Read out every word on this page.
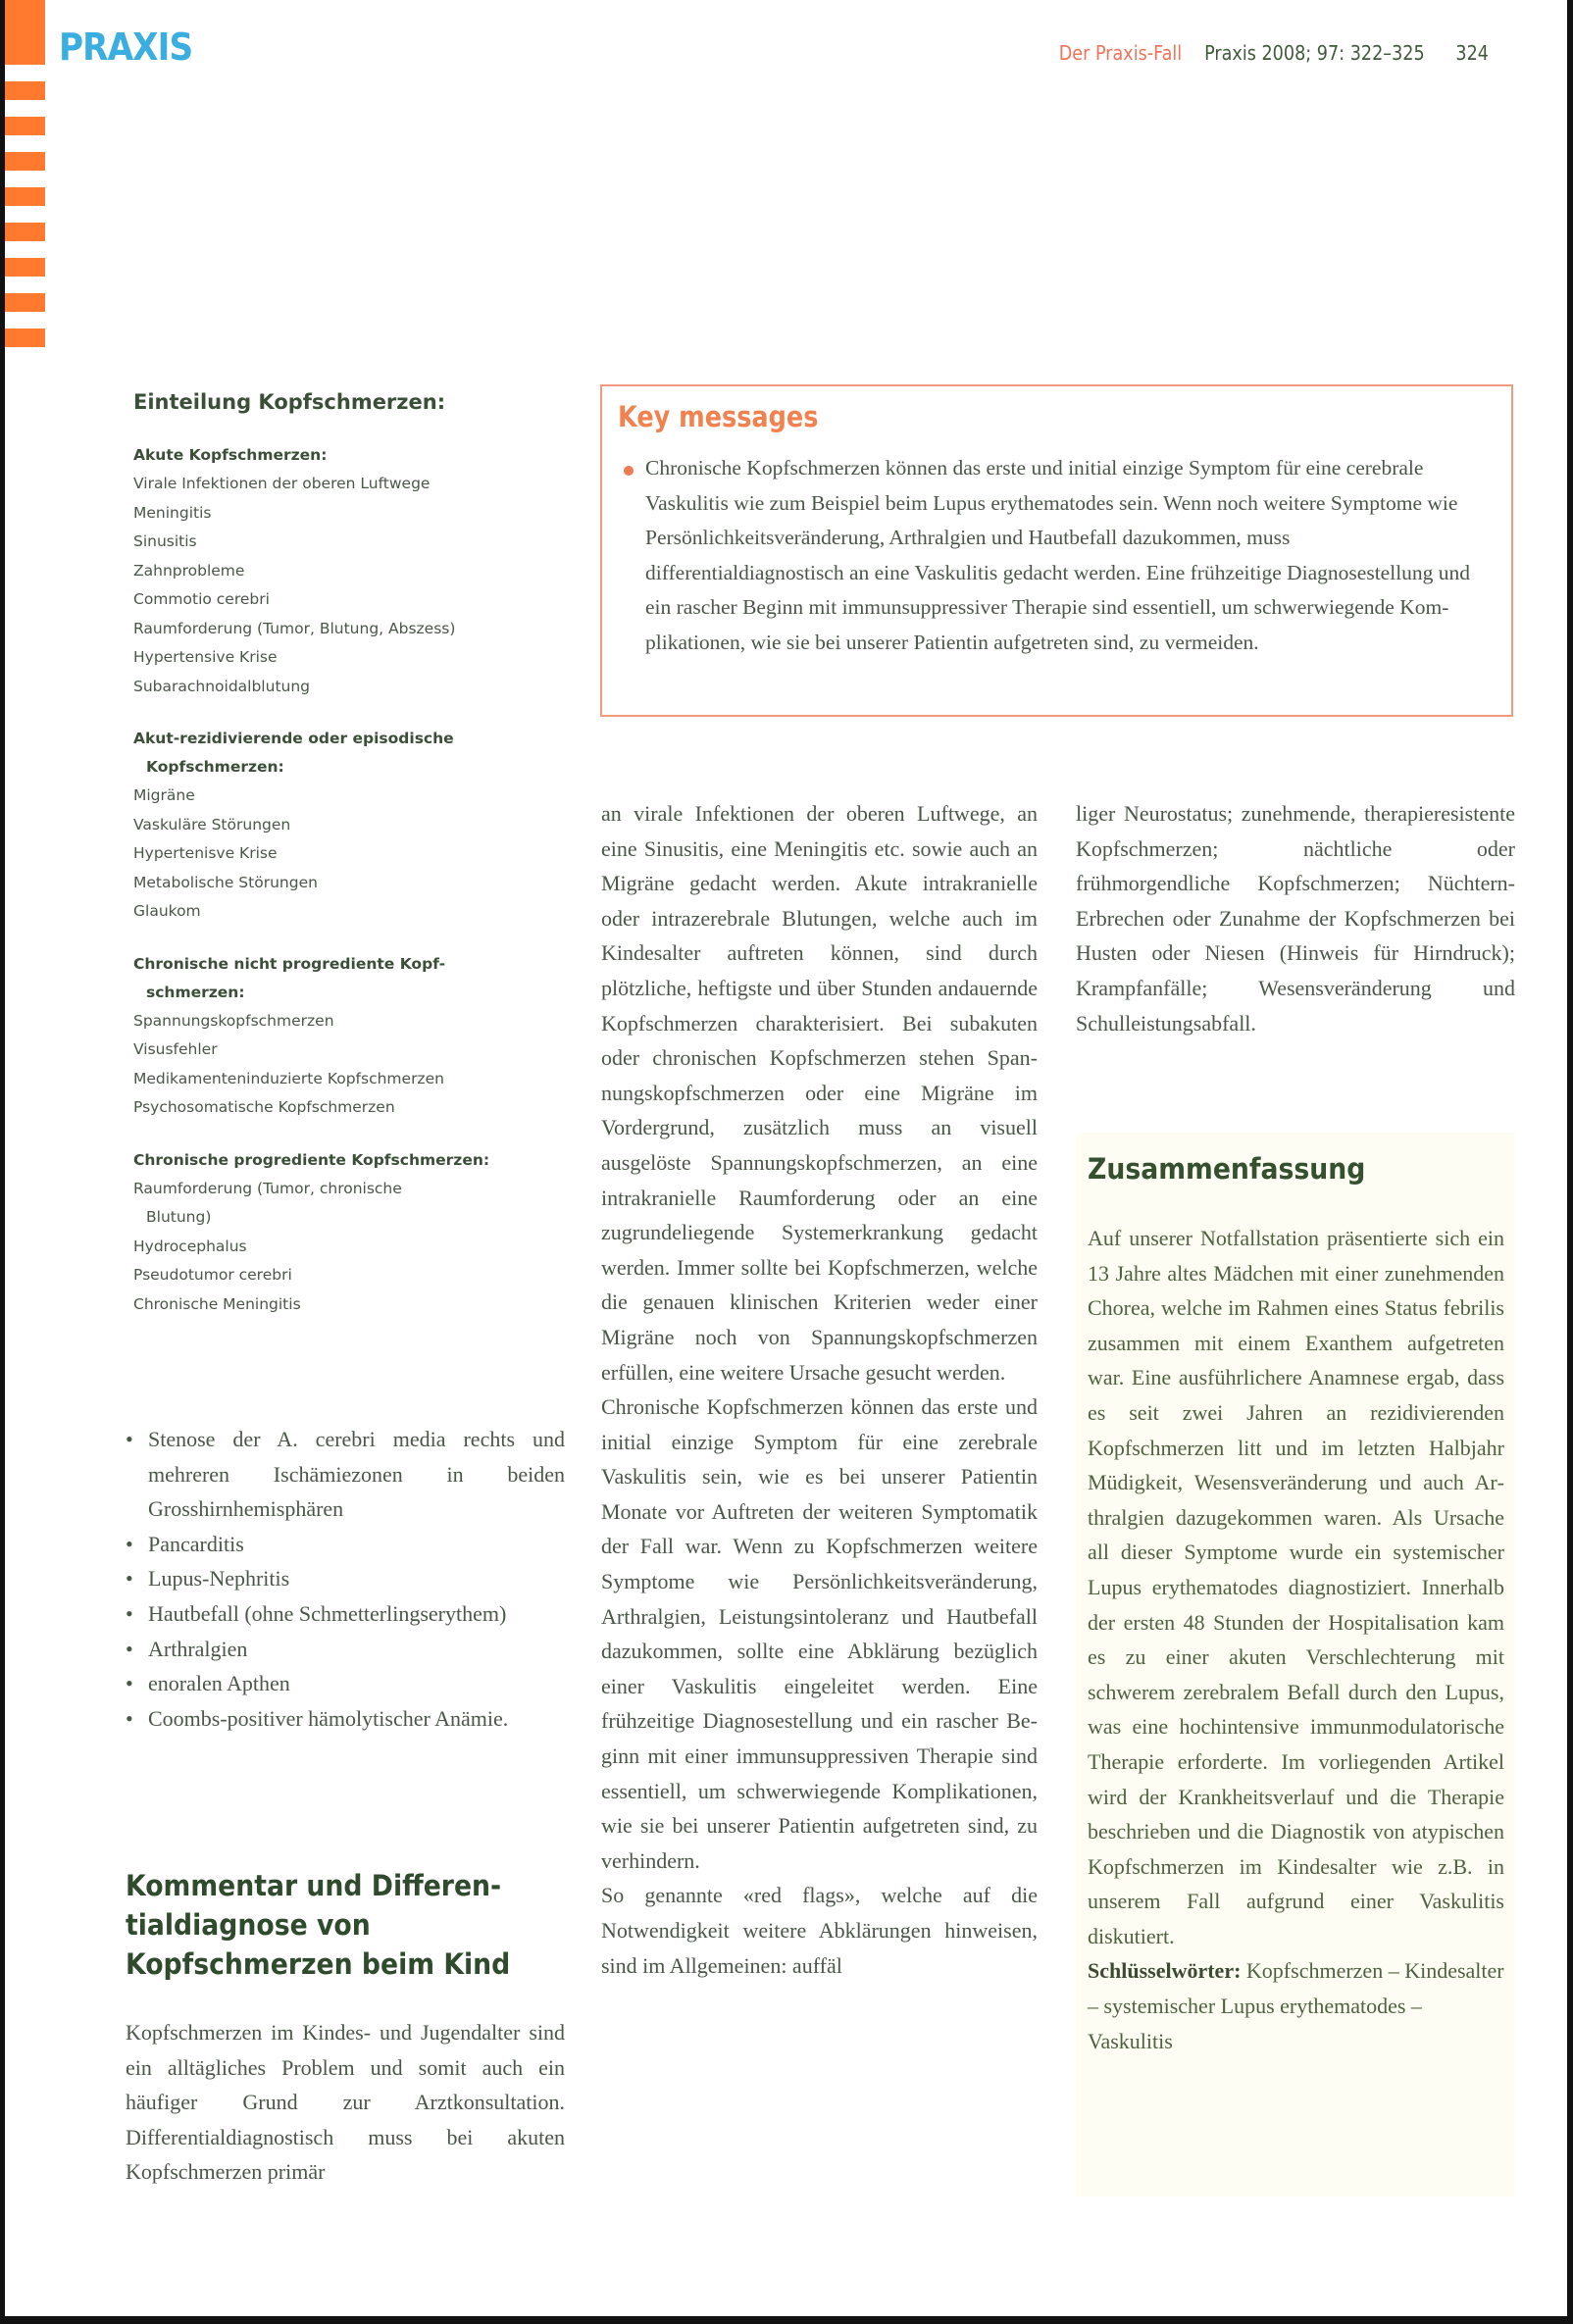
PRAXIS	Der Praxis-Fall Praxis 2008; 97: 322–325 324
Einteilung Kopfschmerzen:
Akute Kopfschmerzen:
Virale Infektionen der oberen Luftwege
Meningitis
Sinusitis
Zahnprobleme
Commotio cerebri
Raumforderung (Tumor, Blutung, Abszess)
Hypertensive Krise
Subarachnoidalblutung
Akut-rezidivierende oder episodische
Kopfschmerzen:
Migräne
Vaskuläre Störungen
Hypertenisve Krise
Metabolische Störungen
Glaukom
Chronische nicht progrediente Kopf-
schmerzen:
Spannungskopfschmerzen
Visusfehler
Medikamenteninduzierte Kopfschmerzen
Psychosomatische Kopfschmerzen
Chronische progrediente Kopfschmerzen:
Raumforderung (Tumor, chronische
Blutung)
Hydrocephalus
Pseudotumor cerebri
Chronische Meningitis
Key messages
Chronische Kopfschmerzen können das erste und initial einzige Symptom für eine cerebrale Vaskulitis wie zum Beispiel beim Lupus erythematodes sein. Wenn noch weitere Symptome wie Persönlichkeitsveränderung, Arthralgien und Hautbefall dazukommen, muss differentialdiagnostisch an eine Vaskulitis gedacht werden. Eine frühzeitige Diagnosestellung und ein rascher Beginn mit immunsuppressiver Therapie sind essentiell, um schwerwiegende Komplikationen, wie sie bei unserer Patientin aufgetreten sind, zu vermeiden.
• Stenose der A. cerebri media rechts und mehreren Ischämiezonen in beiden Grosshirnhemisphären
• Pancarditis
• Lupus-Nephritis
• Hautbefall (ohne Schmetterlingserythem)
• Arthralgien
• enoralen Apthen
• Coombs-positiver hämolytischer Anämie.
Kommentar und Differentialdiagnose von Kopfschmerzen beim Kind
Kopfschmerzen im Kindes- und Jugendalter sind ein alltägliches Problem und somit auch ein häufiger Grund zur Arztkonsultation. Differentialdiagnostisch muss bei akuten Kopfschmerzen primär
an virale Infektionen der oberen Luftwege, an eine Sinusitis, eine Meningitis etc. sowie auch an Migräne gedacht werden. Akute intrakranielle oder intrazerebrale Blutungen, welche auch im Kindesalter auftreten können, sind durch plötzliche, heftigste und über Stunden andauernde Kopfschmerzen charakterisiert. Bei subakuten oder chronischen Kopfschmerzen stehen Spannungskopfschmerzen oder eine Migräne im Vordergrund, zusätzlich muss an visuell ausgelöste Spannungskopfschmerzen, an eine intrakranielle Raumforderung oder an eine zugrundeliegende Systemerkrankung gedacht werden. Immer sollte bei Kopfschmerzen, welche die genauen klinischen Kriterien weder einer Migräne noch von Spannungskopfschmerzen erfüllen, eine weitere Ursache gesucht werden.
Chronische Kopfschmerzen können das erste und initial einzige Symptom für eine zerebrale Vaskulitis sein, wie es bei unserer Patientin Monate vor Auftreten der weiteren Symptomatik der Fall war. Wenn zu Kopfschmerzen weitere Symptome wie Persönlichkeitsveränderung, Arthralgien, Leistungsintoleranz und Hautbefall dazukommen, sollte eine Abklärung bezüglich einer Vaskulitis eingeleitet werden. Eine frühzeitige Diagnosestellung und ein rascher Beginn mit einer immunsuppressiven Therapie sind essentiell, um schwerwiegende Komplikationen, wie sie bei unserer Patientin aufgetreten sind, zu verhindern.
So genannte «red flags», welche auf die Notwendigkeit weitere Abklärungen hinweisen, sind im Allgemeinen: auffäl
liger Neurostatus; zunehmende, therapieresistente Kopfschmerzen; nächtliche oder frühmorgendliche Kopfschmerzen; Nüchtern-Erbrechen oder Zunahme der Kopfschmerzen bei Husten oder Niesen (Hinweis für Hirndruck); Krampfanfälle; Wesensveränderung und Schulleistungsabfall.
Zusammenfassung
Auf unserer Notfallstation präsentierte sich ein 13 Jahre altes Mädchen mit einer zunehmenden Chorea, welche im Rahmen eines Status febrilis zusammen mit einem Exanthem aufgetreten war. Eine ausführlichere Anamnese ergab, dass es seit zwei Jahren an rezidivierenden Kopfschmerzen litt und im letzten Halbjahr Müdigkeit, Wesensveränderung und auch Arthralgien dazugekommen waren. Als Ursache all dieser Symptome wurde ein systemischer Lupus erythematodes diagnostiziert. Innerhalb der ersten 48 Stunden der Hospitalisation kam es zu einer akuten Verschlechterung mit schwerem zerebralem Befall durch den Lupus, was eine hochintensive immunmodulatorische Therapie erforderte. Im vorliegenden Artikel wird der Krankheitsverlauf und die Therapie beschrieben und die Diagnostik von atypischen Kopfschmerzen im Kindesalter wie z.B. in unserem Fall aufgrund einer Vaskulitis diskutiert.
Schlüsselwörter: Kopfschmerzen – Kindesalter – systemischer Lupus erythematodes – Vaskulitis
